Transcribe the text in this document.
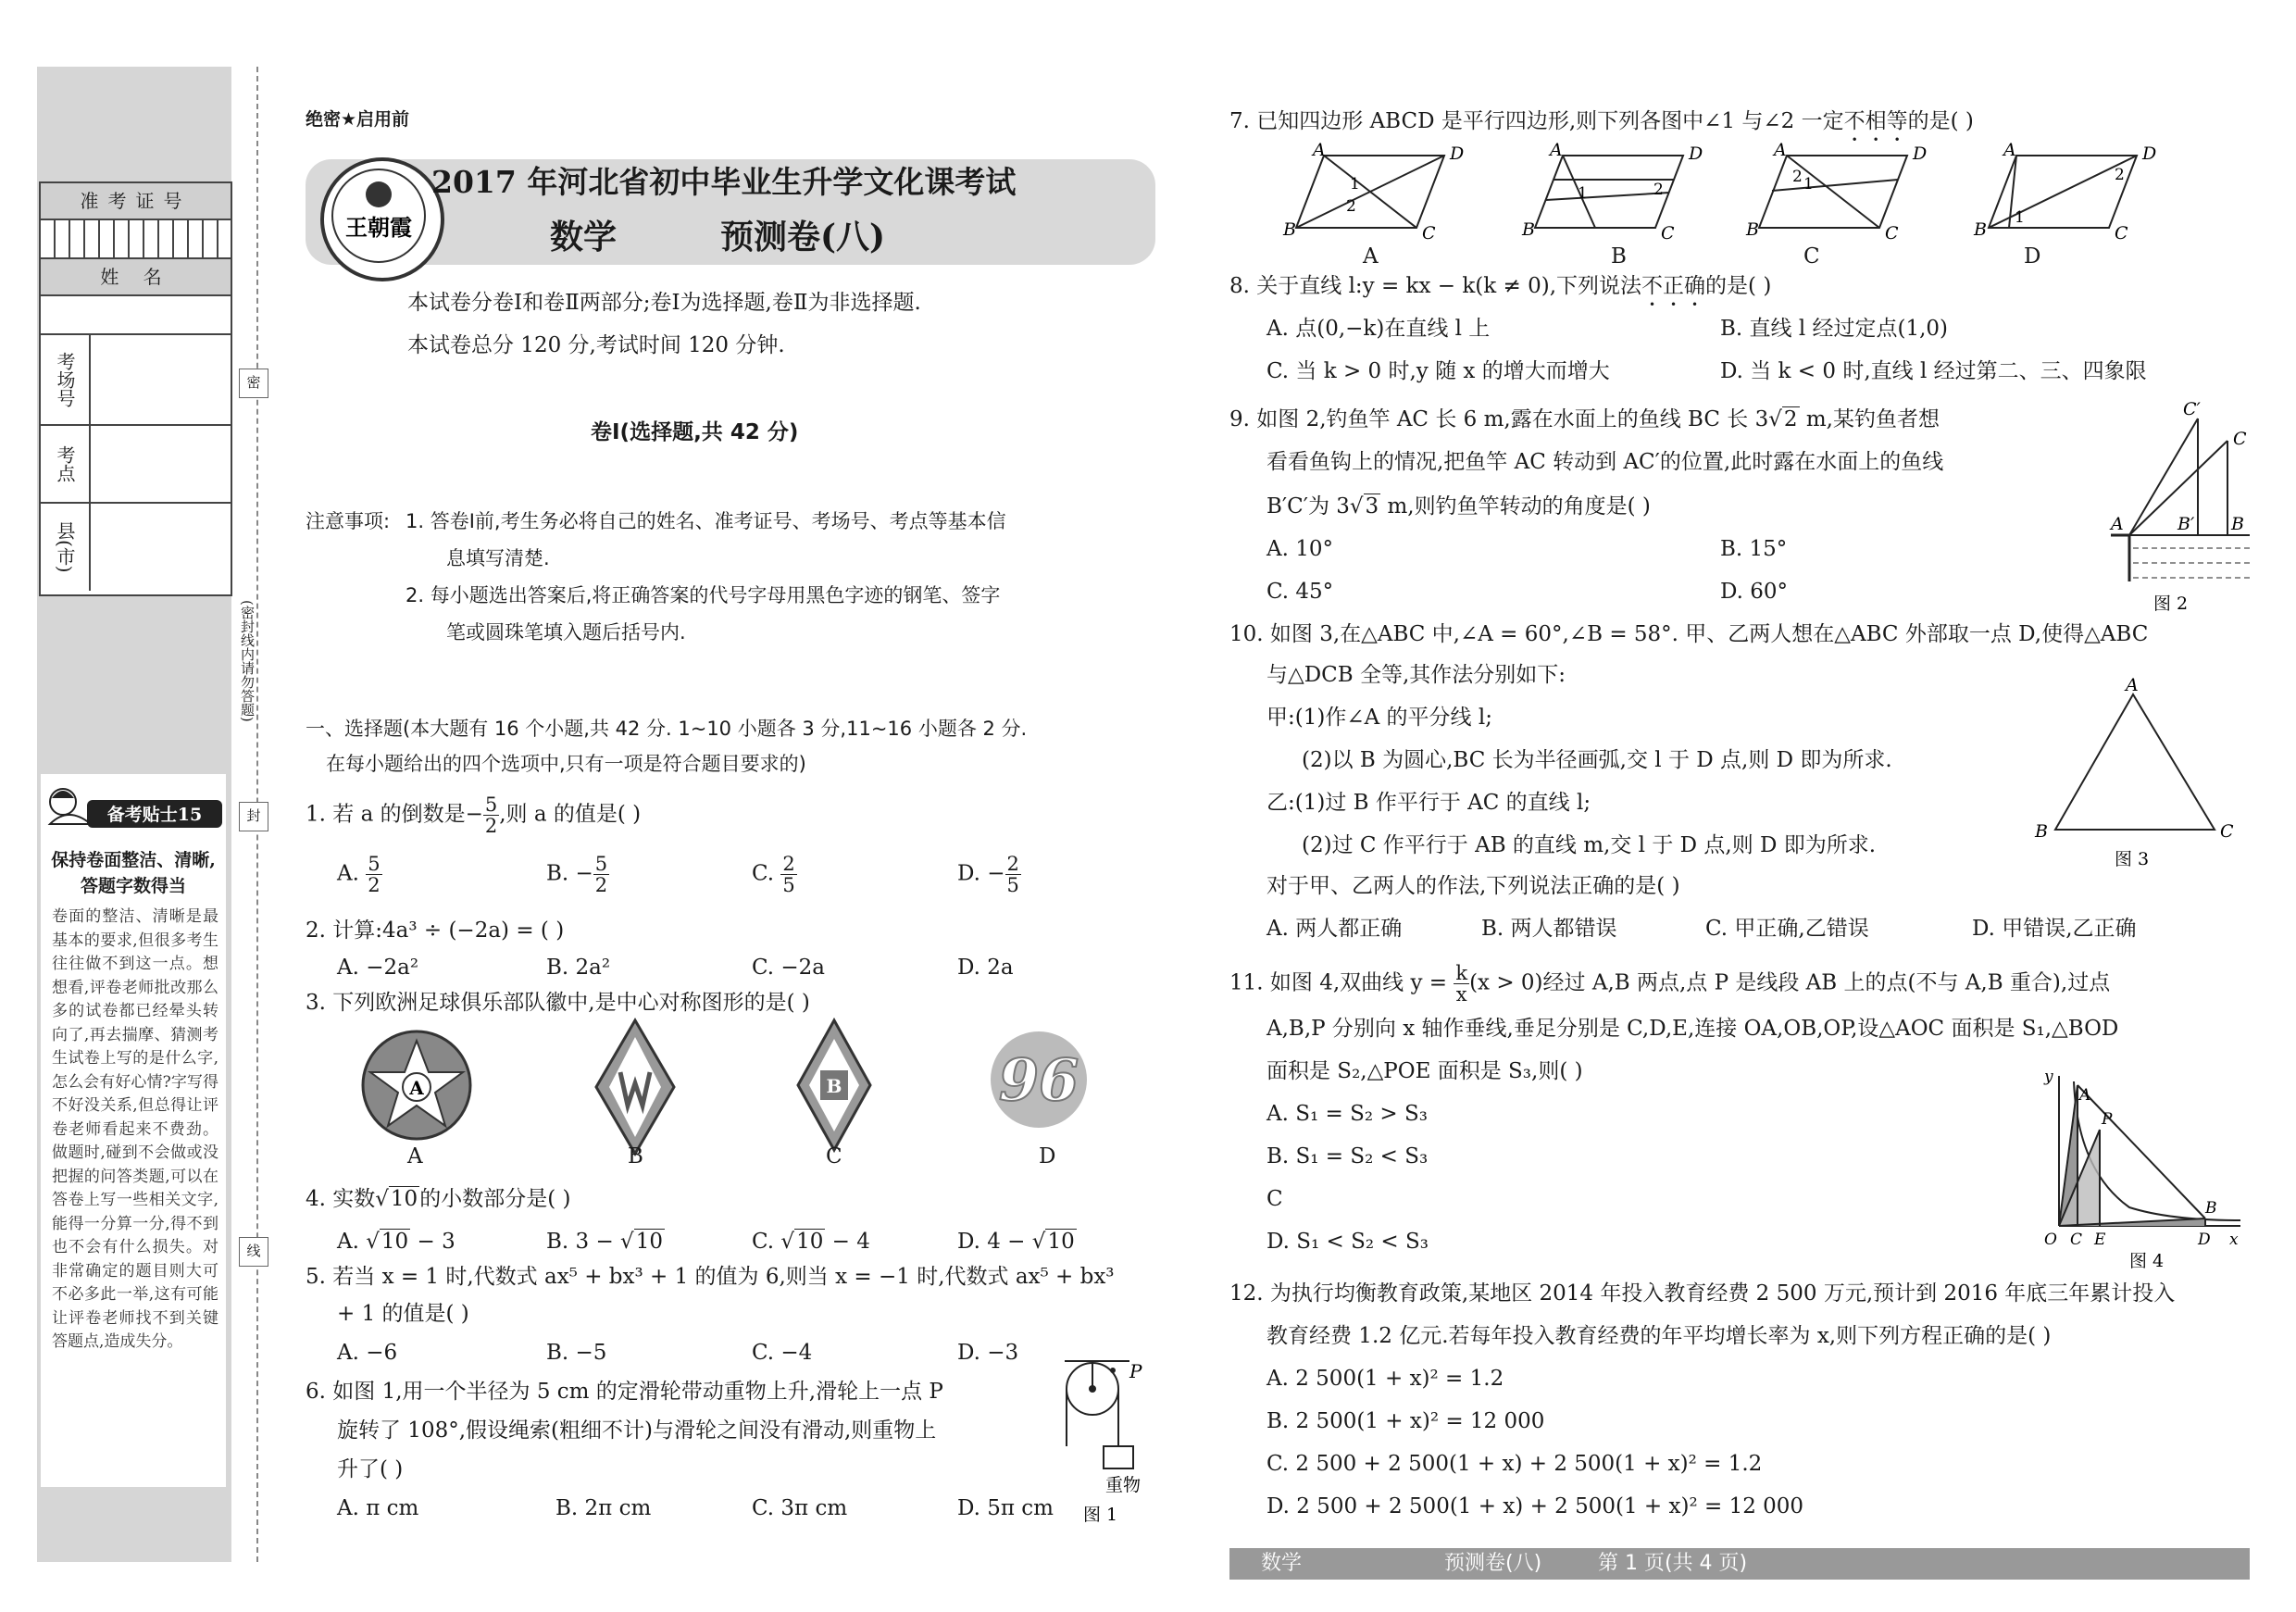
准考证号
姓 名
考场号
考点
县(市)
密
(密封线内请勿答题)
封
线
备考贴士15
保持卷面整洁、清晰,答题字数得当
卷面的整洁、清晰是最基本的要求,但很多考生往往做不到这一点。想想看,评卷老师批改那么多的试卷都已经晕头转向了,再去揣摩、猜测考生试卷上写的是什么字,怎么会有好心情?字写得不好没关系,但总得让评卷老师看起来不费劲。做题时,碰到不会做或没把握的问答类题,可以在答卷上写一些相关文字,能得一分算一分,得不到也不会有什么损失。对非常确定的题目则大可不必多此一举,这有可能让评卷老师找不到关键答题点,造成失分。
绝密★启用前
王朝霞
2017 年河北省初中毕业生升学文化课考试
数学	预测卷(八)
本试卷分卷Ⅰ和卷Ⅱ两部分;卷Ⅰ为选择题,卷Ⅱ为非选择题.
本试卷总分 120 分,考试时间 120 分钟.
卷Ⅰ(选择题,共 42 分)
注意事项: 1. 答卷Ⅰ前,考生务必将自己的姓名、准考证号、考场号、考点等基本信
息填写清楚.
2. 每小题选出答案后,将正确答案的代号字母用黑色字迹的钢笔、签字
笔或圆珠笔填入题后括号内.
一、选择题(本大题有 16 个小题,共 42 分. 1~10 小题各 3 分,11~16 小题各 2 分.
在每小题给出的四个选项中,只有一项是符合题目要求的)
1. 若 a 的倒数是− $\frac{5}{2}$ ,则 a 的值是( )
A. $\frac{5}{2}$	B. − $\frac{5}{2}$	C. $\frac{2}{5}$	D. − $\frac{2}{5}$
2. 计算:4a³ ÷ (−2a) = ( )
A. −2a²	B. 2a²	C. −2a	D. 2a
3. 下列欧洲足球俱乐部队徽中,是中心对称图形的是( )
A	B	96
A	B	C	D
4. 实数√10的小数部分是( )
A. √10 − 3	B. 3 − √10	C. √10 − 4	D. 4 − √10
5. 若当 x = 1 时,代数式 ax⁵ + bx³ + 1 的值为 6,则当 x = −1 时,代数式 ax⁵ + bx³
+ 1 的值是( )
A. −6	B. −5	C. −4	D. −3
6. 如图 1,用一个半径为 5 cm 的定滑轮带动重物上升,滑轮上一点 P
旋转了 108°,假设绳索(粗细不计)与滑轮之间没有滑动,则重物上
升了( )
A. π cm	B. 2π cm	C. 3π cm	D. 5π cm
P
重物
图 1
7. 已知四边形 ABCD 是平行四边形,则下列各图中∠1 与∠2 一定不相等的是( )
A	D
B	C
1
2
A	D
B	C
1	2
A	D
B	C
2 1
A	D
B	C
1
2
A	B	C	D
8. 关于直线 l:y = kx − k(k ≠ 0),下列说法不正确的是( )
A. 点(0,−k)在直线 l 上	B. 直线 l 经过定点(1,0)
C. 当 k > 0 时,y 随 x 的增大而增大	D. 当 k < 0 时,直线 l 经过第二、三、四象限
9. 如图 2,钓鱼竿 AC 长 6 m,露在水面上的鱼线 BC 长 3√2 m,某钓鱼者想
看看鱼钩上的情况,把鱼竿 AC 转动到 AC′的位置,此时露在水面上的鱼线
B′C′为 3√3 m,则钓鱼竿转动的角度是( )
A. 10°	B. 15°
C. 45°	D. 60°
A	B′ B
C′
C
图 2
10. 如图 3,在△ABC 中,∠A = 60°,∠B = 58°. 甲、乙两人想在△ABC 外部取一点 D,使得△ABC
与△DCB 全等,其作法分别如下:
甲:(1)作∠A 的平分线 l;
(2)以 B 为圆心,BC 长为半径画弧,交 l 于 D 点,则 D 即为所求.
乙:(1)过 B 作平行于 AC 的直线 l;
(2)过 C 作平行于 AB 的直线 m,交 l 于 D 点,则 D 即为所求.
对于甲、乙两人的作法,下列说法正确的是( )
A. 两人都正确	B. 两人都错误	C. 甲正确,乙错误	D. 甲错误,乙正确
A
B	C
图 3
11. 如图 4,双曲线 $y = \frac{k}{x} (x > 0)$经过 A,B 两点,点 P 是线段 AB 上的点(不与 A,B 重合),过点
A,B,P 分别向 x 轴作垂线,垂足分别是 C,D,E,连接 OA,OB,OP,设△AOC 面积是 S₁,△BOD
面积是 S₂,△POE 面积是 S₃,则( )
A. S₁ = S₂ > S₃
B. S₁ = S₂ < S₃
C
D. S₁ < S₂ < S₃
y
x
O C E	D
A
P
B
图 4
12. 为执行均衡教育政策,某地区 2014 年投入教育经费 2 500 万元,预计到 2016 年底三年累计投入
教育经费 1.2 亿元.若每年投入教育经费的年平均增长率为 x,则下列方程正确的是( )
A. 2 500(1 + x)² = 1.2
B. 2 500(1 + x)² = 12 000
C. 2 500 + 2 500(1 + x) + 2 500(1 + x)² = 1.2
D. 2 500 + 2 500(1 + x) + 2 500(1 + x)² = 12 000
数学	预测卷(八)	第 1 页(共 4 页)
